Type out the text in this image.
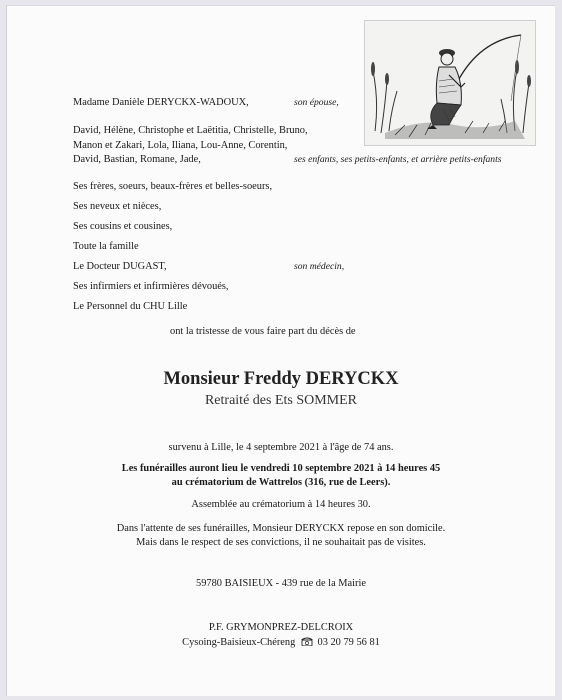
Madame Danièle DERYCKX-WADOUX,	son épouse,
David, Hélène, Christophe et Laëtitia, Christelle, Bruno,
Manon et Zakari, Lola, Iliana, Lou-Anne, Corentin,
David, Bastian, Romane, Jade,	ses enfants, ses petits-enfants, et arrière petits-enfants
Ses frères, soeurs, beaux-frères et belles-soeurs,
Ses neveux et nièces,
Ses cousins et cousines,
Toute la famille
Le Docteur DUGAST,	son médecin,
Ses infirmiers et infirmières dévoués,
Le Personnel du CHU Lille
ont la tristesse de vous faire part du décès de
Monsieur Freddy DERYCKX
Retraité des Ets SOMMER
survenu à Lille, le 4 septembre 2021 à l'âge de 74 ans.
Les funérailles auront lieu le vendredi 10 septembre 2021 à 14 heures 45
au crématorium de Wattrelos (316, rue de Leers).
Assemblée au crématorium à 14 heures 30.
Dans l'attente de ses funérailles, Monsieur DERYCKX repose en son domicile.
Mais dans le respect de ses convictions, il ne souhaitait pas de visites.
59780 BAISIEUX - 439 rue de la Mairie
P.F. GRYMONPREZ-DELCROIX
Cysoing-Baisieux-Chéreng 03 20 79 56 81
